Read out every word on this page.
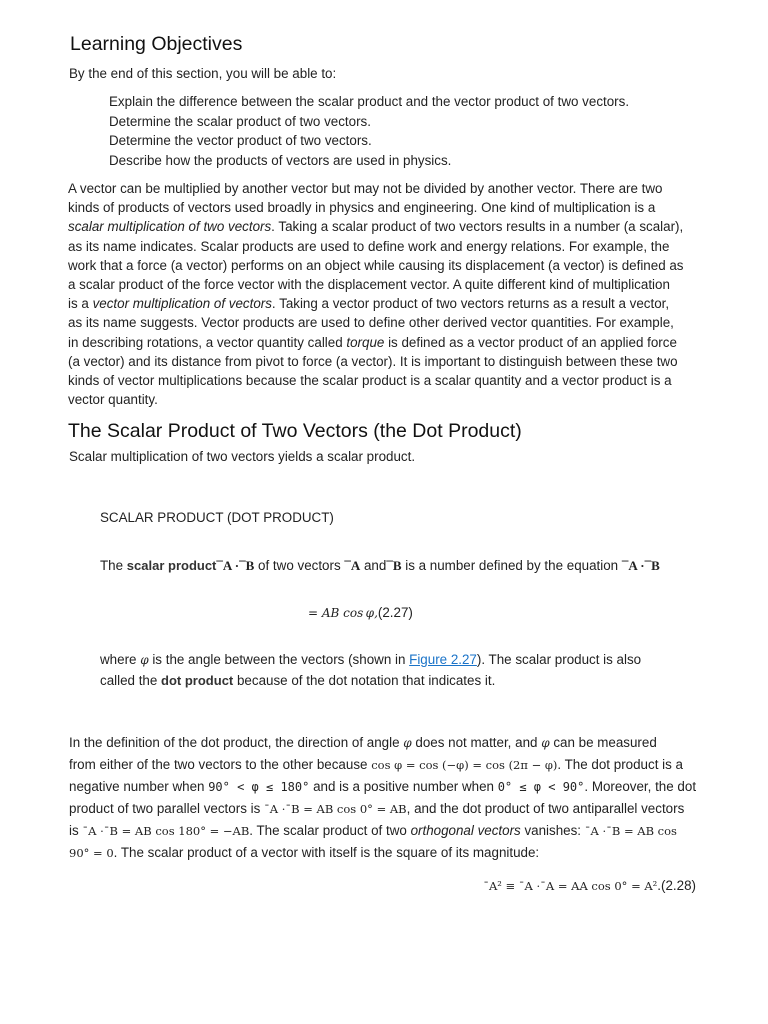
Learning Objectives

By the end of this section, you will be able to:

Explain the difference between the scalar product and the vector product of two vectors.
Determine the scalar product of two vectors.
Determine the vector product of two vectors.
Describe how the products of vectors are used in physics.

A vector can be multiplied by another vector but may not be divided by another vector. There are two
kinds of products of vectors used broadly in physics and engineering. One kind of multiplication is a
scalar multiplication of two vectors. Taking a scalar product of two vectors results in a number (a scalar),
as its name indicates. Scalar products are used to define work and energy relations. For example, the
work that a force (a vector) performs on an object while causing its displacement (a vector) is defined as
a scalar product of the force vector with the displacement vector. A quite different kind of multiplication
is a vector multiplication of vectors. Taking a vector product of two vectors returns as a result a vector,
as its name suggests. Vector products are used to define other derived vector quantities. For example,
in describing rotations, a vector quantity called torque is defined as a vector product of an applied force
(a vector) and its distance from pivot to force (a vector). It is important to distinguish between these two
kinds of vector multiplications because the scalar product is a scalar quantity and a vector product is a
vector quantity.

The Scalar Product of Two Vectors (the Dot Product)

Scalar multiplication of two vectors yields a scalar product.

SCALAR PRODUCT (DOT PRODUCT)
The scalar product¯A ·¯B of two vectors ¯A and¯B is a number defined by the equation ¯A ·¯B
= AB cos φ,(2.27)

where φ is the angle between the vectors (shown in Figure 2.27). The scalar product is also
called the dot product because of the dot notation that indicates it.

In the definition of the dot product, the direction of angle φ does not matter, and φ can be measured
from either of the two vectors to the other because cos φ = cos (−φ) = cos (2π − φ). The dot product is a
negative number when 90° < φ ≤ 180° and is a positive number when 0° ≤ φ < 90°. Moreover, the dot
product of two parallel vectors is ¯A ·¯B = AB cos 0° = AB, and the dot product of two antiparallel vectors
is ¯A ·¯B = AB cos 180° = −AB. The scalar product of two orthogonal vectors vanishes: ¯A ·¯B = AB cos
90° = 0. The scalar product of a vector with itself is the square of its magnitude:

¯A² ≡ ¯A ·¯A = AA cos 0° = A².(2.28)
